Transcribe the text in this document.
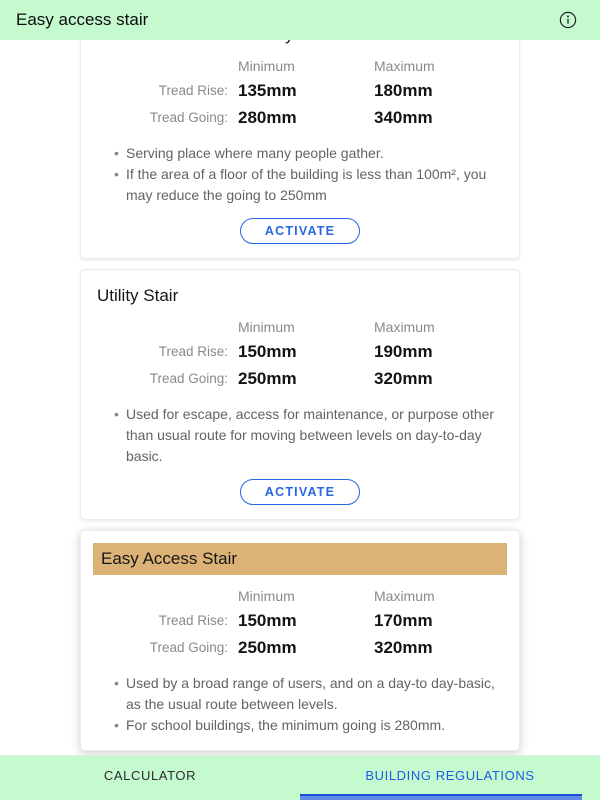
Minimum	Maximum
Tread Rise: 135mm	180mm
Tread Going: 280mm	340mm
• Serving place where many people gather.
• If the area of a floor of the building is less than 100m², you may reduce the going to 250mm
ACTIVATE
Utility Stair
Minimum	Maximum
Tread Rise: 150mm	190mm
Tread Going: 250mm	320mm
• Used for escape, access for maintenance, or purpose other than usual route for moving between levels on day-to-day basic.
ACTIVATE
Easy Access Stair
Minimum	Maximum
Tread Rise: 150mm	170mm
Tread Going: 250mm	320mm
• Used by a broad range of users, and on a day-to day-basic, as the usual route between levels.
• For school buildings, the minimum going is 280mm.
Easy access stair
CALCULATOR	BUILDING REGULATIONS
